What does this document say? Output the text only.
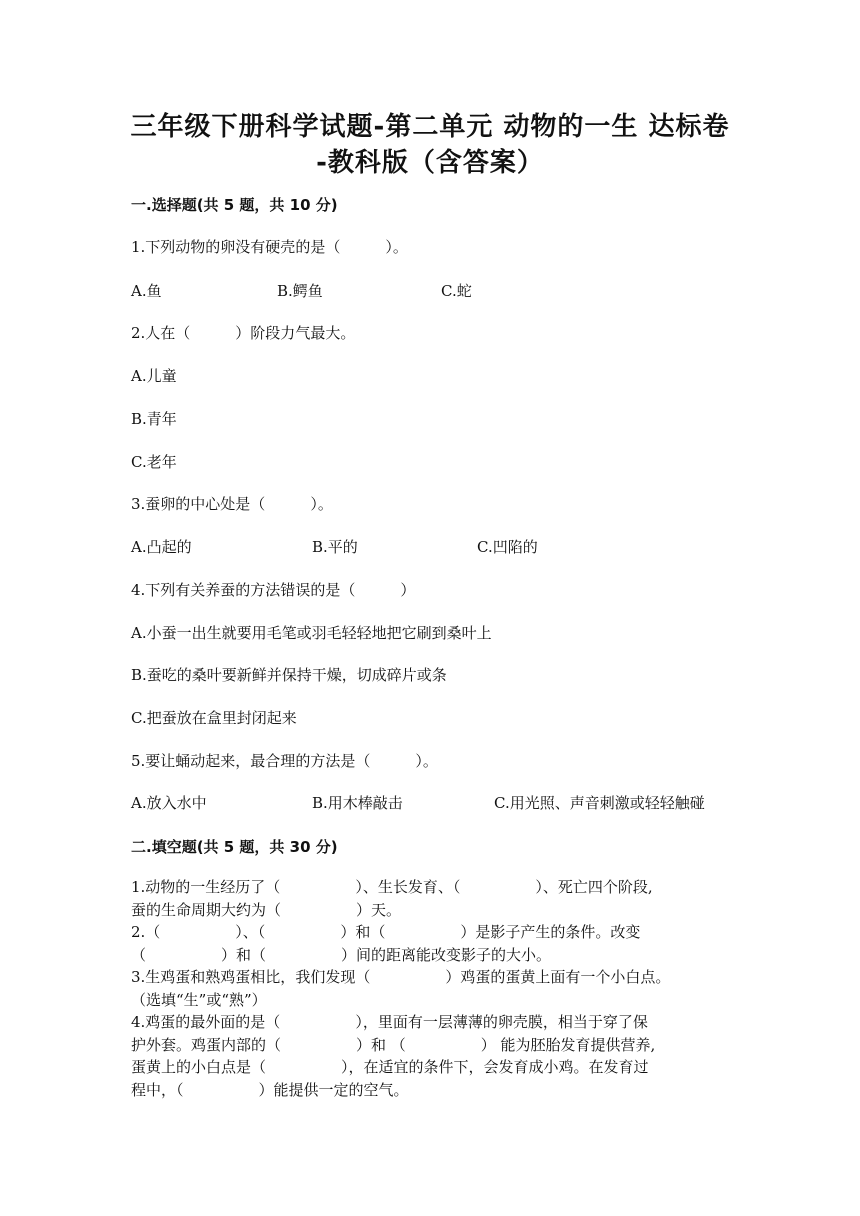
三年级下册科学试题-第二单元 动物的一生 达标卷
-教科版（含答案）
一.选择题(共 5 题，共 10 分)
1.下列动物的卵没有硬壳的是（　　　）。
A.鱼	B.鳄鱼	C.蛇
2.人在（　　　）阶段力气最大。
A.儿童
B.青年
C.老年
3.蚕卵的中心处是（　　　）。
A.凸起的	B.平的	C.凹陷的
4.下列有关养蚕的方法错误的是（　　　）
A.小蚕一出生就要用毛笔或羽毛轻轻地把它刷到桑叶上
B.蚕吃的桑叶要新鲜并保持干燥，切成碎片或条
C.把蚕放在盒里封闭起来
5.要让蛹动起来，最合理的方法是（　　　）。
A.放入水中	B.用木棒敲击	C.用光照、声音刺激或轻轻触碰
二.填空题(共 5 题，共 30 分)
1.动物的一生经历了（　　　　　）、生长发育、（　　　　　）、死亡四个阶段,
蚕的生命周期大约为（　　　　　）天。
2.（　　　　　）、（　　　　　）和（　　　　　）是影子产生的条件。改变
（　　　　　）和（　　　　　）间的距离能改变影子的大小。
3.生鸡蛋和熟鸡蛋相比，我们发现（　　　　　）鸡蛋的蛋黄上面有一个小白点。
（选填“生”或“熟”）
4.鸡蛋的最外面的是（　　　　　），里面有一层薄薄的卵壳膜，相当于穿了保
护外套。鸡蛋内部的（　　　　　）和 （　　　　　） 能为胚胎发育提供营养,
蛋黄上的小白点是（　　　　　），在适宜的条件下，会发育成小鸡。在发育过
程中，（　　　　　）能提供一定的空气。
